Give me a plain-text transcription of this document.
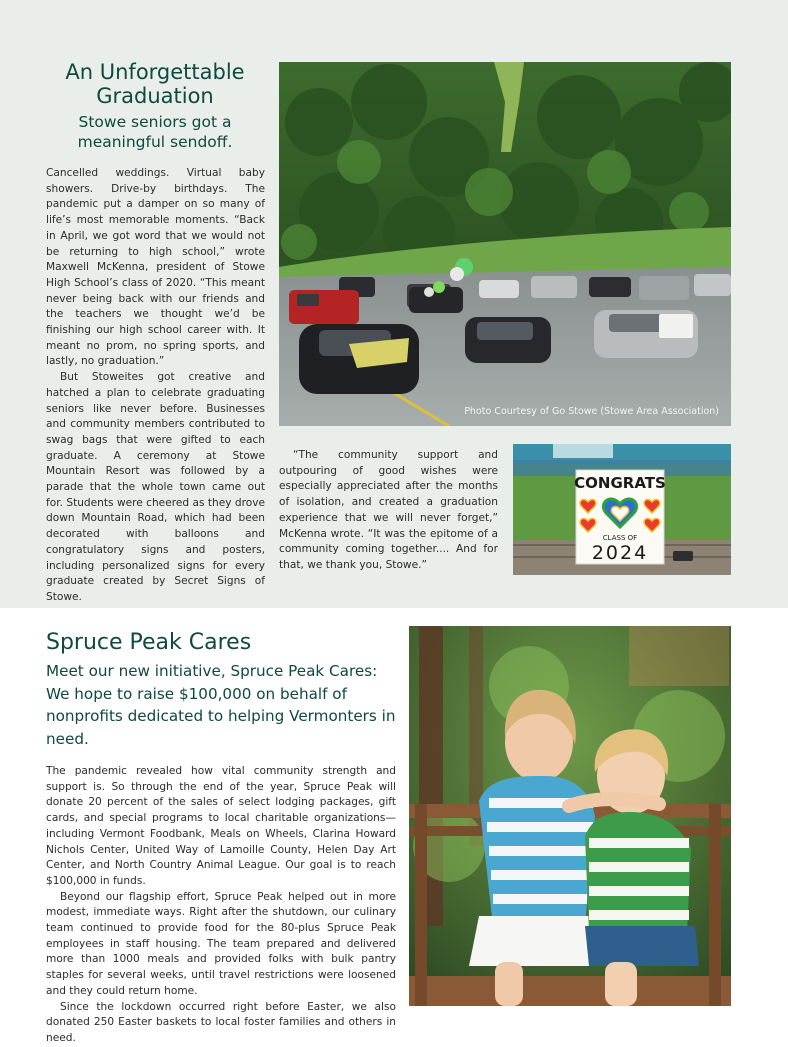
An Unforgettable Graduation
Stowe seniors got a meaningful sendoff.

Cancelled weddings. Virtual baby showers. Drive-by birthdays. The pandemic put a damper on so many of life’s most memorable moments. “Back in April, we got word that we would not be returning to high school,” wrote Maxwell McKenna, president of Stowe High School’s class of 2020. “This meant never being back with our friends and the teachers we thought we’d be finishing our high school career with. It meant no prom, no spring sports, and lastly, no graduation.”

But Stoweites got creative and hatched a plan to celebrate graduating seniors like never before. Businesses and community members contributed to swag bags that were gifted to each graduate. A ceremony at Stowe Mountain Resort was followed by a parade that the whole town came out for. Students were cheered as they drove down Mountain Road, which had been decorated with balloons and congratulatory signs and posters, including personalized signs for every graduate created by Secret Signs of Stowe.

“The community support and outpouring of good wishes were especially appreciated after the months of isolation, and created a graduation experience that we will never forget,” McKenna wrote. “It was the epitome of a community coming together.... And for that, we thank you, Stowe.”

Photo Courtesy of Go Stowe (Stowe Area Association)
CONGRATS
CLASS OF
2024
Spruce Peak Cares
Meet our new initiative, Spruce Peak Cares: We hope to raise $100,000 on behalf of nonprofits dedicated to helping Vermonters in need.

The pandemic revealed how vital community strength and support is. So through the end of the year, Spruce Peak will donate 20 percent of the sales of select lodging packages, gift cards, and special programs to local charitable organizations—including Vermont Foodbank, Meals on Wheels, Clarina Howard Nichols Center, United Way of Lamoille County, Helen Day Art Center, and North Country Animal League. Our goal is to reach $100,000 in funds.

Beyond our flagship effort, Spruce Peak helped out in more modest, immediate ways. Right after the shutdown, our culinary team continued to provide food for the 80-plus Spruce Peak employees in staff housing. The team prepared and delivered more than 1000 meals and provided folks with bulk pantry staples for several weeks, until travel restrictions were loosened and they could return home.

Since the lockdown occurred right before Easter, we also donated 250 Easter baskets to local foster families and others in need.
